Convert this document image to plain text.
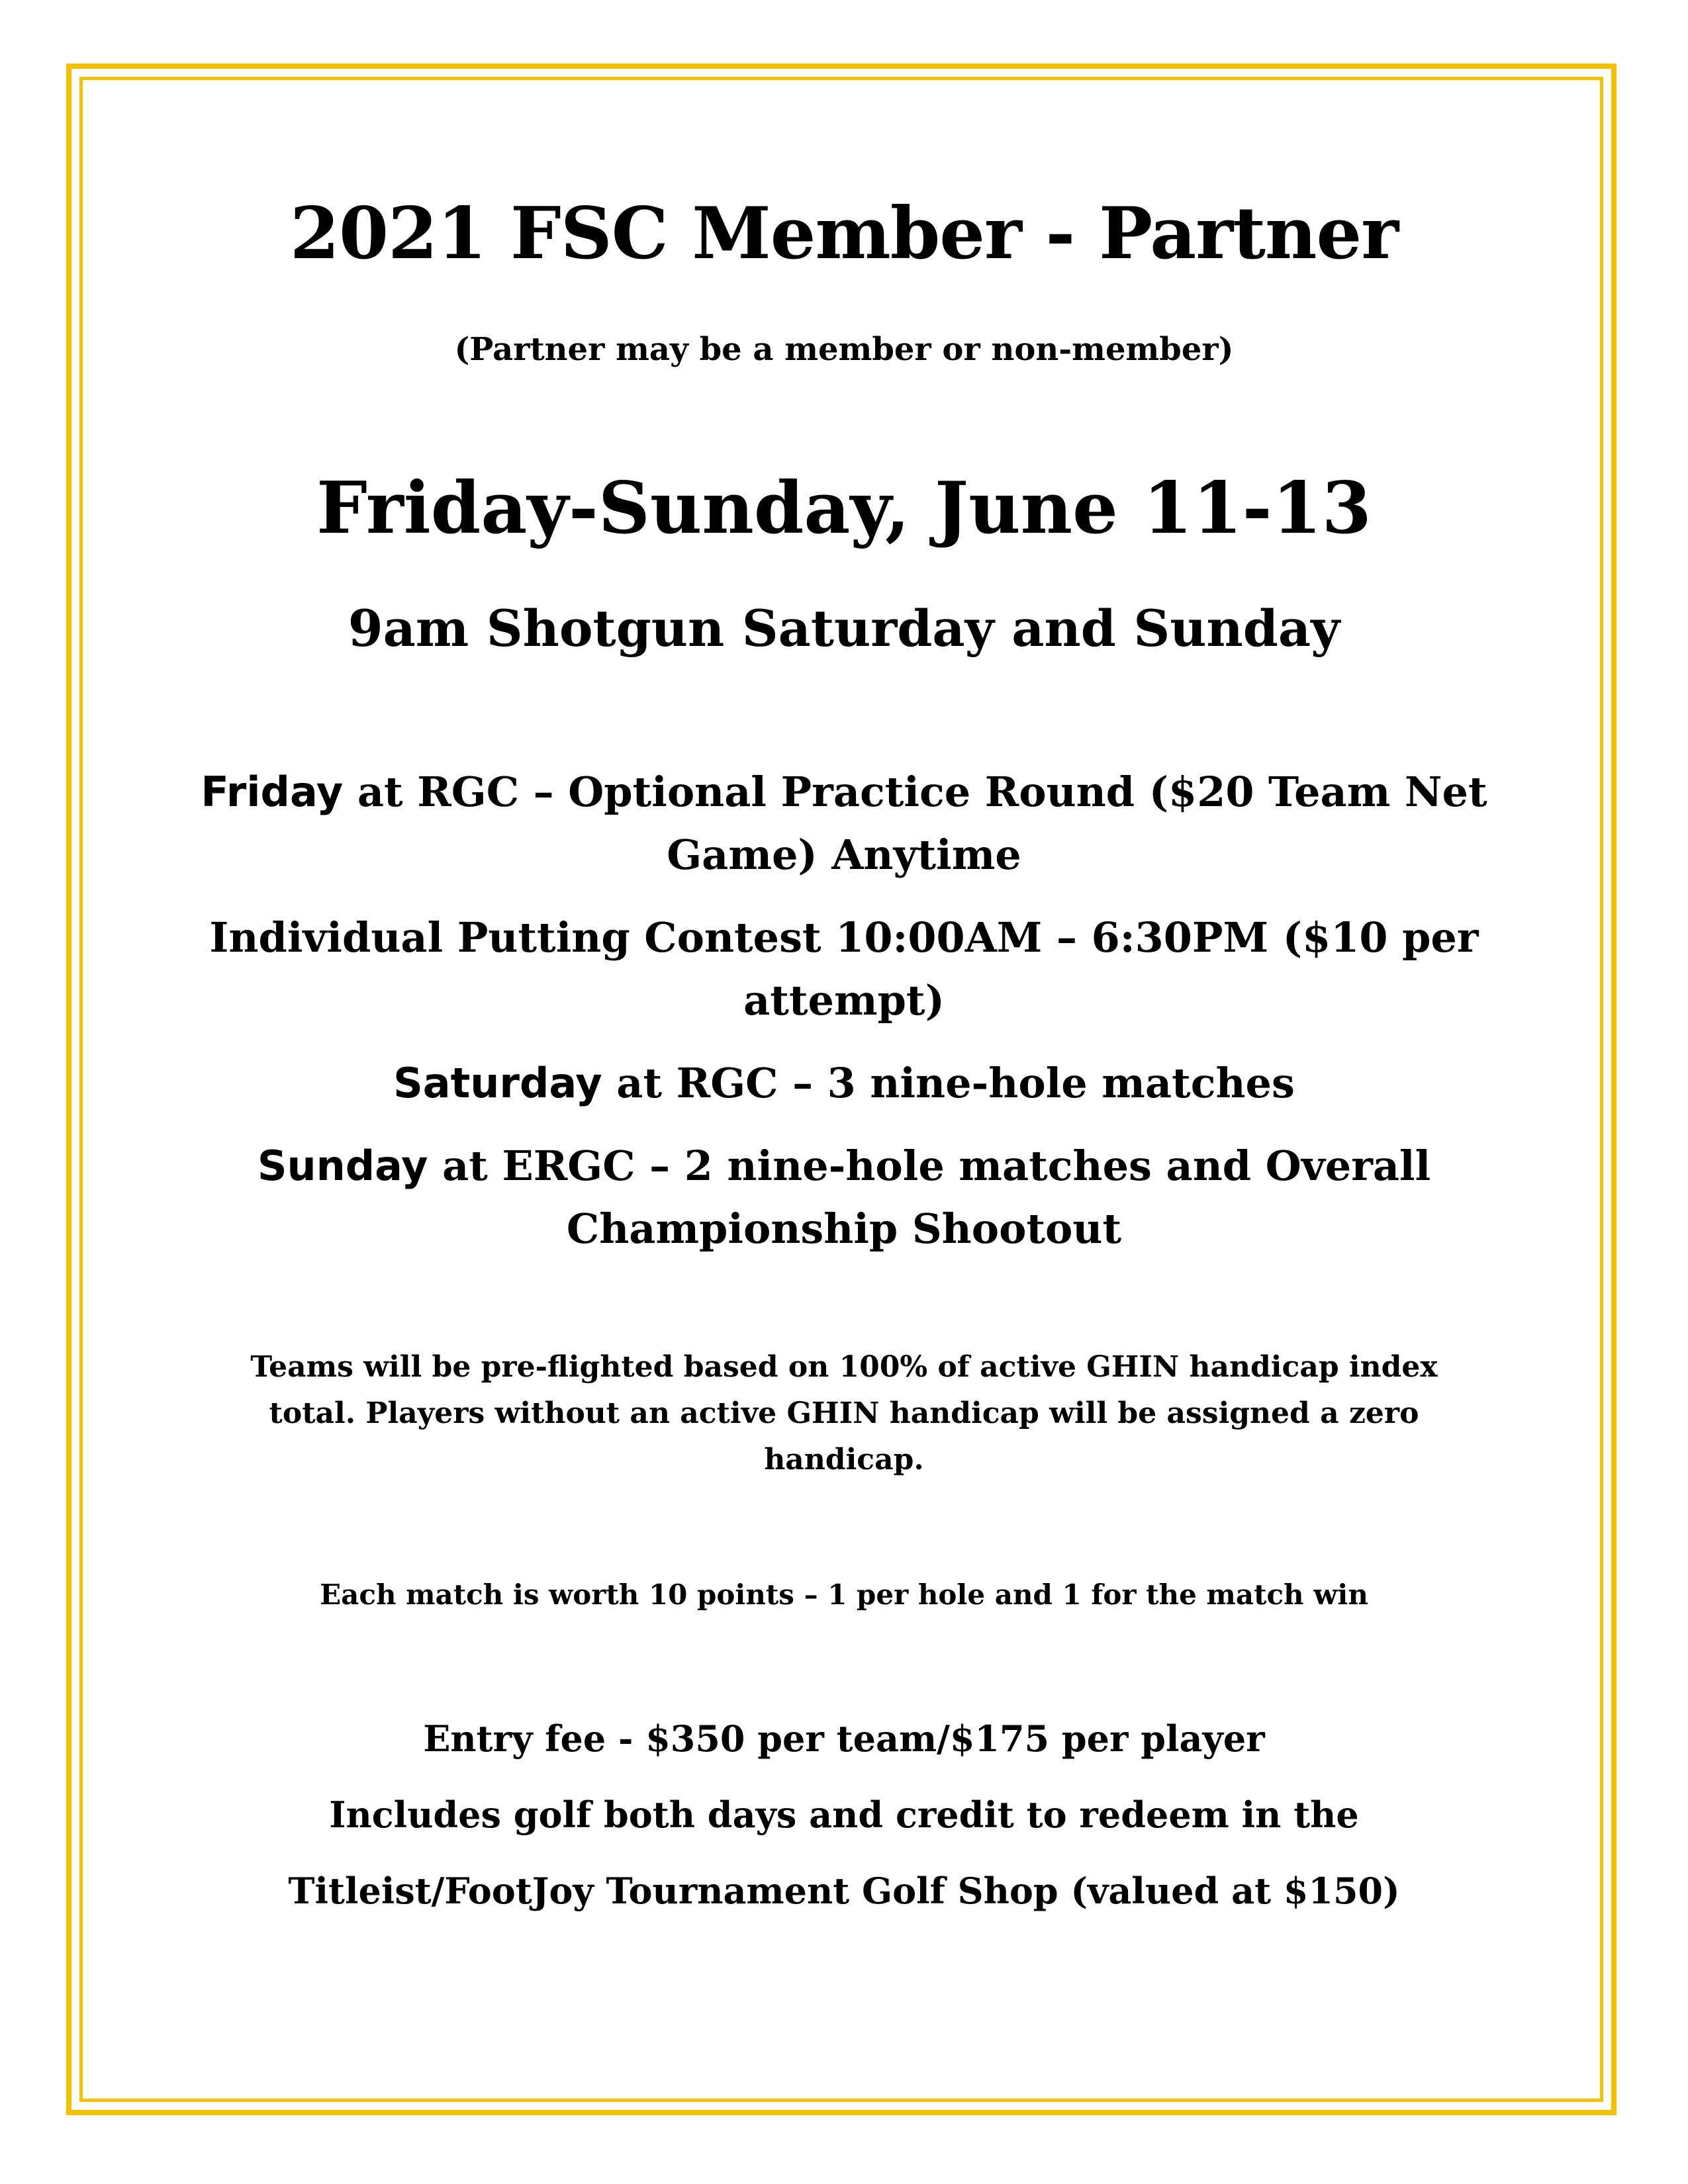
2021 FSC Member - Partner
(Partner may be a member or non-member)
Friday-Sunday, June 11-13
9am Shotgun Saturday and Sunday
Friday at RGC – Optional Practice Round ($20 Team Net
Game) Anytime
Individual Putting Contest 10:00AM – 6:30PM ($10 per
attempt)
Saturday at RGC – 3 nine-hole matches
Sunday at ERGC – 2 nine-hole matches and Overall
Championship Shootout
Teams will be pre-flighted based on 100% of active GHIN handicap index
total. Players without an active GHIN handicap will be assigned a zero
handicap.
Each match is worth 10 points – 1 per hole and 1 for the match win
Entry fee - $350 per team/$175 per player
Includes golf both days and credit to redeem in the
Titleist/FootJoy Tournament Golf Shop (valued at $150)
